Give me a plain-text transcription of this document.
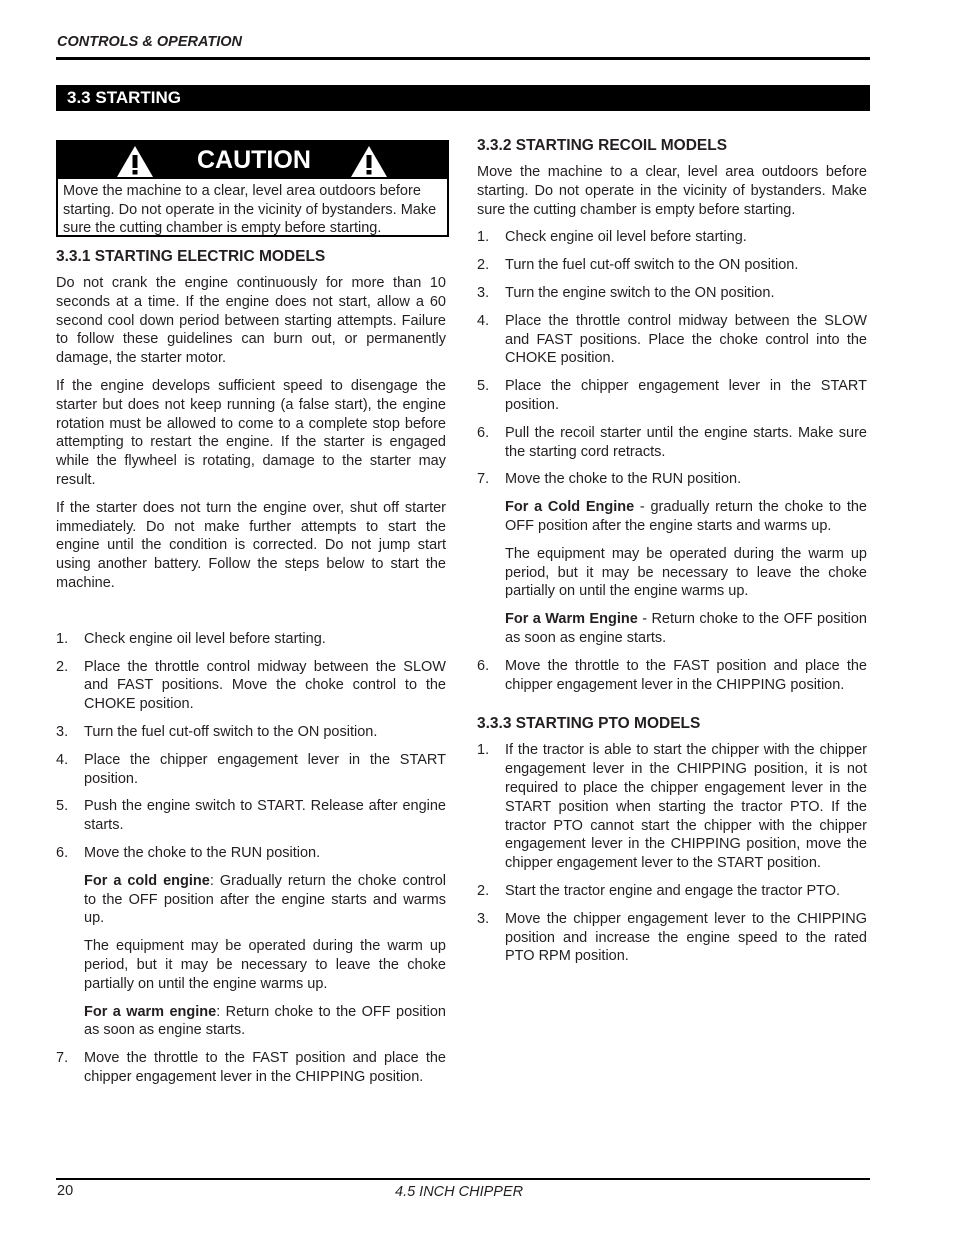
CONTROLS & OPERATION
3.3 STARTING
CAUTION
Move the machine to a clear, level area outdoors before starting. Do not operate in the vicinity of bystanders. Make sure the cutting chamber is empty before starting.
3.3.1 STARTING ELECTRIC MODELS

Do not crank the engine continuously for more than 10 seconds at a time. If the engine does not start, allow a 60 second cool down period between starting attempts. Failure to follow these guidelines can burn out, or permanently damage, the starter motor.

If the engine develops sufficient speed to disengage the starter but does not keep running (a false start), the engine rotation must be allowed to come to a complete stop before attempting to restart the engine. If the starter is engaged while the flywheel is rotating, damage to the starter may result.

If the starter does not turn the engine over, shut off starter immediately. Do not make further attempts to start the engine until the condition is corrected. Do not jump start using another battery. Follow the steps below to start the machine.

1. Check engine oil level before starting.
2. Place the throttle control midway between the SLOW and FAST positions. Move the choke control to the CHOKE position.
3. Turn the fuel cut-off switch to the ON position.
4. Place the chipper engagement lever in the START position.
5. Push the engine switch to START. Release after engine starts.
6. Move the choke to the RUN position.

For a cold engine: Gradually return the choke control to the OFF position after the engine starts and warms up.

The equipment may be operated during the warm up period, but it may be necessary to leave the choke partially on until the engine warms up.

For a warm engine: Return choke to the OFF position as soon as engine starts.

7. Move the throttle to the FAST position and place the chipper engagement lever in the CHIPPING position.
3.3.2 STARTING RECOIL MODELS

Move the machine to a clear, level area outdoors before starting. Do not operate in the vicinity of bystanders. Make sure the cutting chamber is empty before starting.

1. Check engine oil level before starting.
2. Turn the fuel cut-off switch to the ON position.
3. Turn the engine switch to the ON position.
4. Place the throttle control midway between the SLOW and FAST positions. Place the choke control into the CHOKE position.
5. Place the chipper engagement lever in the START position.
6. Pull the recoil starter until the engine starts. Make sure the starting cord retracts.
7. Move the choke to the RUN position.

For a Cold Engine - gradually return the choke to the OFF position after the engine starts and warms up.

The equipment may be operated during the warm up period, but it may be necessary to leave the choke partially on until the engine warms up.

For a Warm Engine - Return choke to the OFF position as soon as engine starts.

6. Move the throttle to the FAST position and place the chipper engagement lever in the CHIPPING position.
3.3.3 STARTING PTO MODELS
1. If the tractor is able to start the chipper with the chipper engagement lever in the CHIPPING position, it is not required to place the chipper engagement lever in the START position when starting the tractor PTO. If the tractor PTO cannot start the chipper with the chipper engagement lever in the CHIPPING position, move the chipper engagement lever to the START position.
2. Start the tractor engine and engage the tractor PTO.
3. Move the chipper engagement lever to the CHIPPING position and increase the engine speed to the rated PTO RPM position.
20	4.5 INCH CHIPPER
